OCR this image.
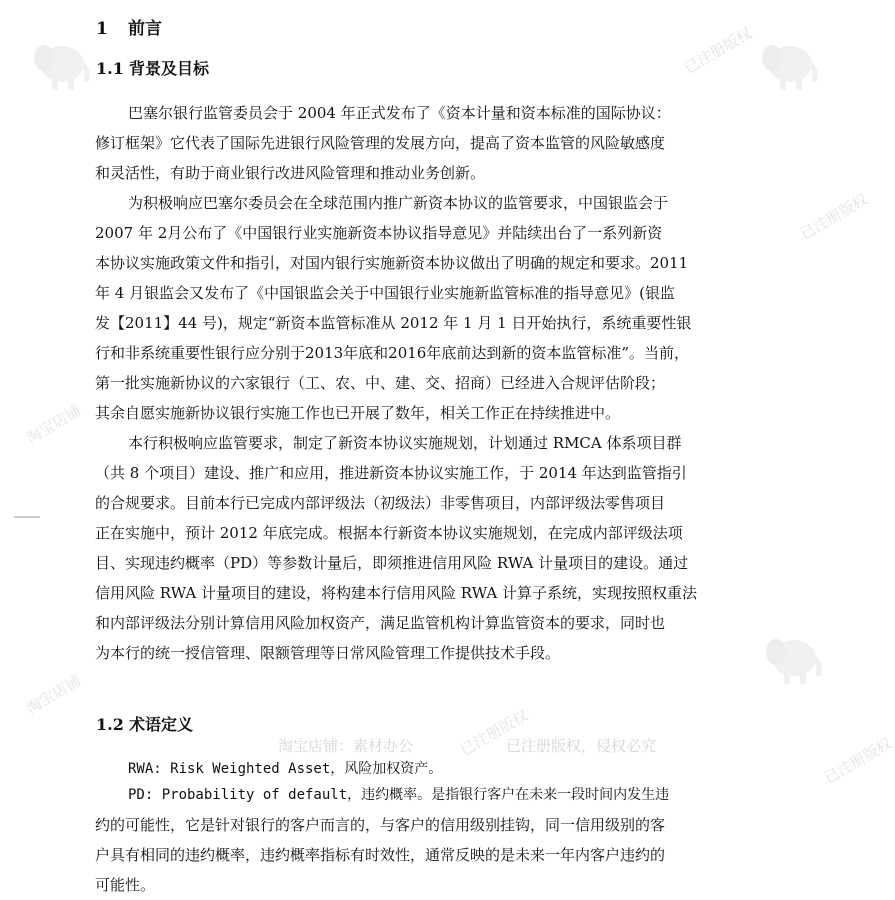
已注册版权
已注册版权
淘宝店铺
淘宝店铺
已注册版权
已注册版权
淘宝店铺：素材办公	已注册版权，侵权必究
1 前言
1.1 背景及目标
巴塞尔银行监管委员会于 2004 年正式发布了《资本计量和资本标准的国际协议：
修订框架》它代表了国际先进银行风险管理的发展方向，提高了资本监管的风险敏感度
和灵活性，有助于商业银行改进风险管理和推动业务创新。
为积极响应巴塞尔委员会在全球范围内推广新资本协议的监管要求，中国银监会于
2007 年 2月公布了《中国银行业实施新资本协议指导意见》并陆续出台了一系列新资
本协议实施政策文件和指引，对国内银行实施新资本协议做出了明确的规定和要求。2011
年 4 月银监会又发布了《中国银监会关于中国银行业实施新监管标准的指导意见》(银监
发【2011】44 号)，规定“新资本监管标准从 2012 年 1 月 1 日开始执行，系统重要性银
行和非系统重要性银行应分别于2013年底和2016年底前达到新的资本监管标准”。当前，
第一批实施新协议的六家银行（工、农、中、建、交、招商）已经进入合规评估阶段；
其余自愿实施新协议银行实施工作也已开展了数年，相关工作正在持续推进中。
本行积极响应监管要求，制定了新资本协议实施规划，计划通过 RMCA 体系项目群
（共 8 个项目）建设、推广和应用，推进新资本协议实施工作，于 2014 年达到监管指引
的合规要求。目前本行已完成内部评级法（初级法）非零售项目，内部评级法零售项目
正在实施中，预计 2012 年底完成。根据本行新资本协议实施规划，在完成内部评级法项
目、实现违约概率（PD）等参数计量后，即须推进信用风险 RWA 计量项目的建设。通过
信用风险 RWA 计量项目的建设，将构建本行信用风险 RWA 计算子系统，实现按照权重法
和内部评级法分别计算信用风险加权资产，满足监管机构计算监管资本的要求，同时也
为本行的统一授信管理、限额管理等日常风险管理工作提供技术手段。
1.2 术语定义
RWA: Risk Weighted Asset，风险加权资产。
PD: Probability of default，违约概率。是指银行客户在未来一段时间内发生违
约的可能性，它是针对银行的客户而言的，与客户的信用级别挂钩，同一信用级别的客
户具有相同的违约概率，违约概率指标有时效性，通常反映的是未来一年内客户违约的
可能性。
